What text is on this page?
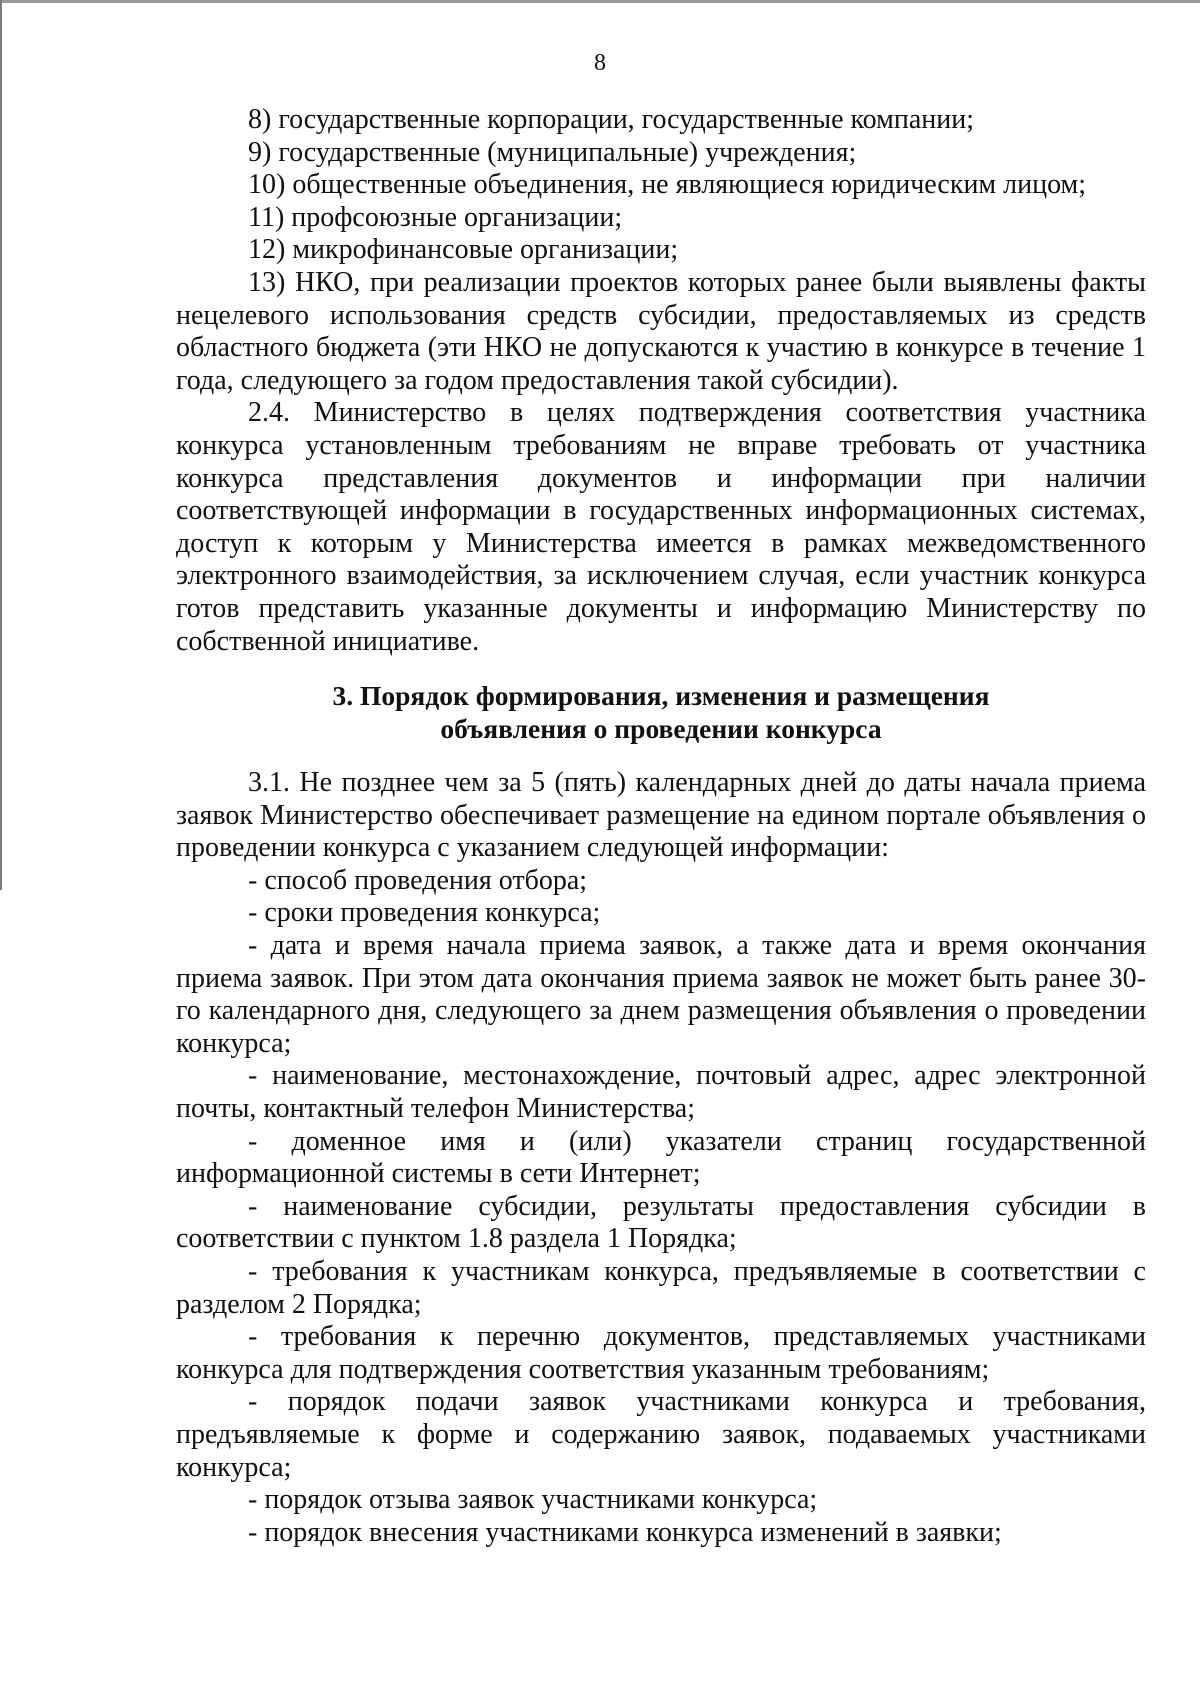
8

8) государственные корпорации, государственные компании;

9) государственные (муниципальные) учреждения;

10) общественные объединения, не являющиеся юридическим лицом;

11) профсоюзные организации;

12) микрофинансовые организации;

13) НКО, при реализации проектов которых ранее были выявлены факты нецелевого использования средств субсидии, предоставляемых из средств областного бюджета (эти НКО не допускаются к участию в конкурсе в течение 1 года, следующего за годом предоставления такой субсидии).

2.4. Министерство в целях подтверждения соответствия участника конкурса установленным требованиям не вправе требовать от участника конкурса представления документов и информации при наличии соответствующей информации в государственных информационных системах, доступ к которым у Министерства имеется в рамках межведомственного электронного взаимодействия, за исключением случая, если участник конкурса готов представить указанные документы и информацию Министерству по собственной инициативе.

3. Порядок формирования, изменения и размещения
объявления о проведении конкурса

3.1. Не позднее чем за 5 (пять) календарных дней до даты начала приема заявок Министерство обеспечивает размещение на едином портале объявления о проведении конкурса с указанием следующей информации:

- способ проведения отбора;

- сроки проведения конкурса;

- дата и время начала приема заявок, а также дата и время окончания приема заявок. При этом дата окончания приема заявок не может быть ранее 30-го календарного дня, следующего за днем размещения объявления о проведении конкурса;

- наименование, местонахождение, почтовый адрес, адрес электронной почты, контактный телефон Министерства;

- доменное имя и (или) указатели страниц государственной информационной системы в сети Интернет;

- наименование субсидии, результаты предоставления субсидии в соответствии с пунктом 1.8 раздела 1 Порядка;

- требования к участникам конкурса, предъявляемые в соответствии с разделом 2 Порядка;

- требования к перечню документов, представляемых участниками конкурса для подтверждения соответствия указанным требованиям;

- порядок подачи заявок участниками конкурса и требования, предъявляемые к форме и содержанию заявок, подаваемых участниками конкурса;

- порядок отзыва заявок участниками конкурса;

- порядок внесения участниками конкурса изменений в заявки;
